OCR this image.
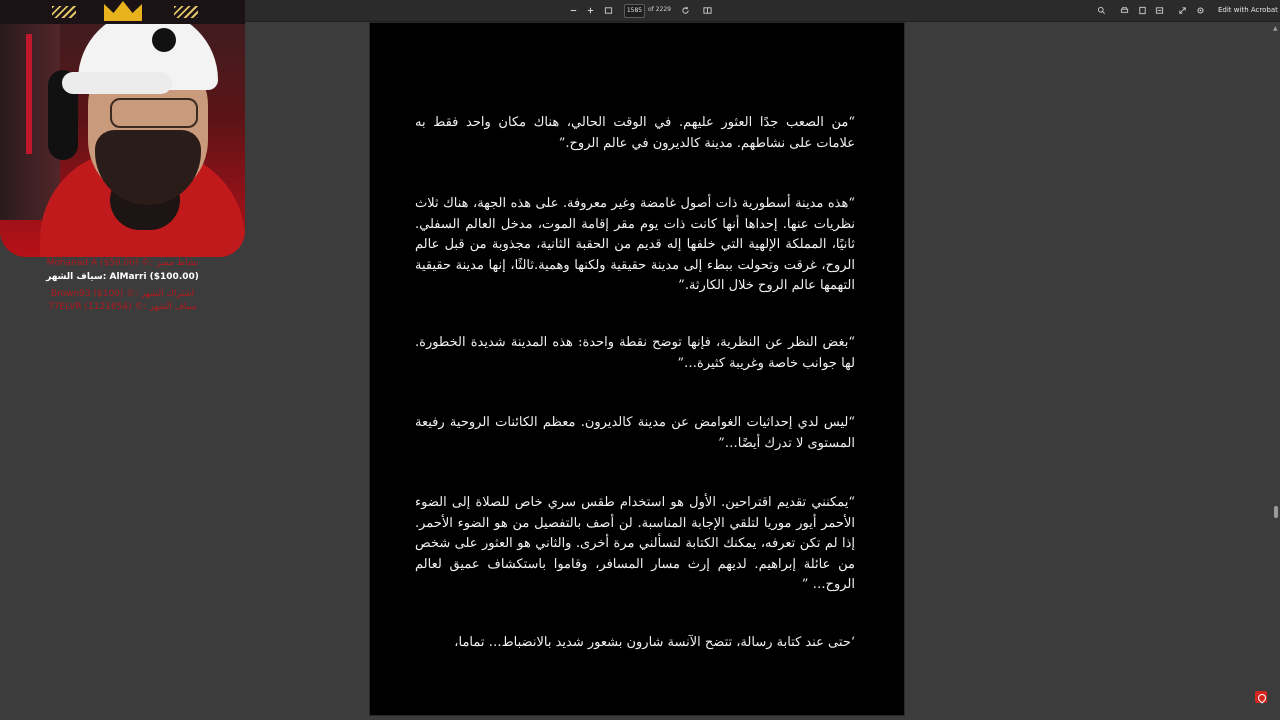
1585 of 2229	Edit with Acrobat

“من الصعب جدًا العثور عليهم. في الوقت الحالي، هناك مكان واحد فقط به علامات على نشاطهم. مدينة كالديرون في عالم الروح.”

“هذه مدينة أسطورية ذات أصول غامضة وغير معروفة. على هذه الجهة، هناك ثلاث نظريات عنها. إحداها أنها كانت ذات يوم مقر إقامة الموت، مدخل العالم السفلي. ثانيًا، المملكة الإلهية التي خلفها إله قديم من الحقبة الثانية، مجذوبة من قبل عالم الروح، غرقت وتحولت ببطء إلى مدينة حقيقية ولكنها وهمية.ثالثًا، إنها مدينة حقيقية التهمها عالم الروح خلال الكارثة.”

“بغض النظر عن النظرية، فإنها توضح نقطة واحدة: هذه المدينة شديدة الخطورة. لها جوانب خاصة وغريبة كثيرة…”

“ليس لدي إحداثيات الغوامض عن مدينة كالديرون. معظم الكائنات الروحية رفيعة المستوى لا تدرك أيضًا…”

“يمكنني تقديم اقتراحين. الأول هو استخدام طقس سري خاص للصلاة إلى الضوء الأحمر أيور موريا لتلقي الإجابة المناسبة. لن أصف بالتفصيل من هو الضوء الأحمر. إذا لم تكن تعرفه، يمكنك الكتابة لتسألني مرة أخرى. والثاني هو العثور على شخص من عائلة إبراهيم. لديهم إرث مسار المسافر، وقاموا باستكشاف عميق لعالم الروح… ”

‘حتى عند كتابة رسالة، تتضح الآنسة شارون بشعور شديد بالانضباط… تماما،

▲
Mohanad A ($50.00) ©: نشاط مميز
سياف الشهر: AlMarri ($100.00)
Brown93 ($100) ©: اشتراك الشهر
77ELVR (1121654) ©: سياف الشهر
